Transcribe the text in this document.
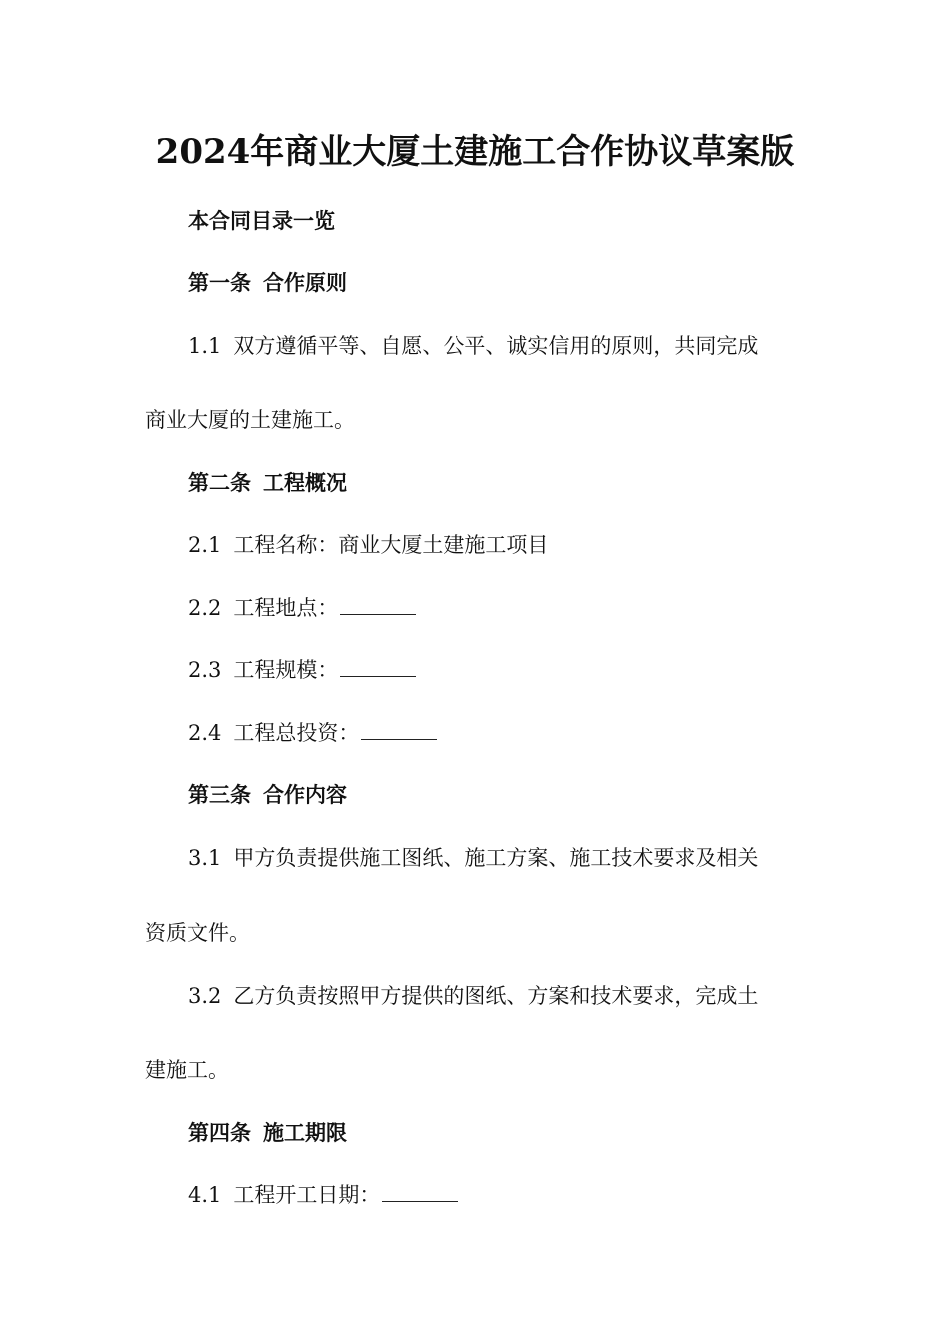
2024年商业大厦土建施工合作协议草案版
本合同目录一览
第一条 合作原则
1.1 双方遵循平等、自愿、公平、诚实信用的原则，共同完成
商业大厦的土建施工。
第二条 工程概况
2.1 工程名称：商业大厦土建施工项目
2.2 工程地点：
2.3 工程规模：
2.4 工程总投资：
第三条 合作内容
3.1 甲方负责提供施工图纸、施工方案、施工技术要求及相关
资质文件。
3.2 乙方负责按照甲方提供的图纸、方案和技术要求，完成土
建施工。
第四条 施工期限
4.1 工程开工日期：
